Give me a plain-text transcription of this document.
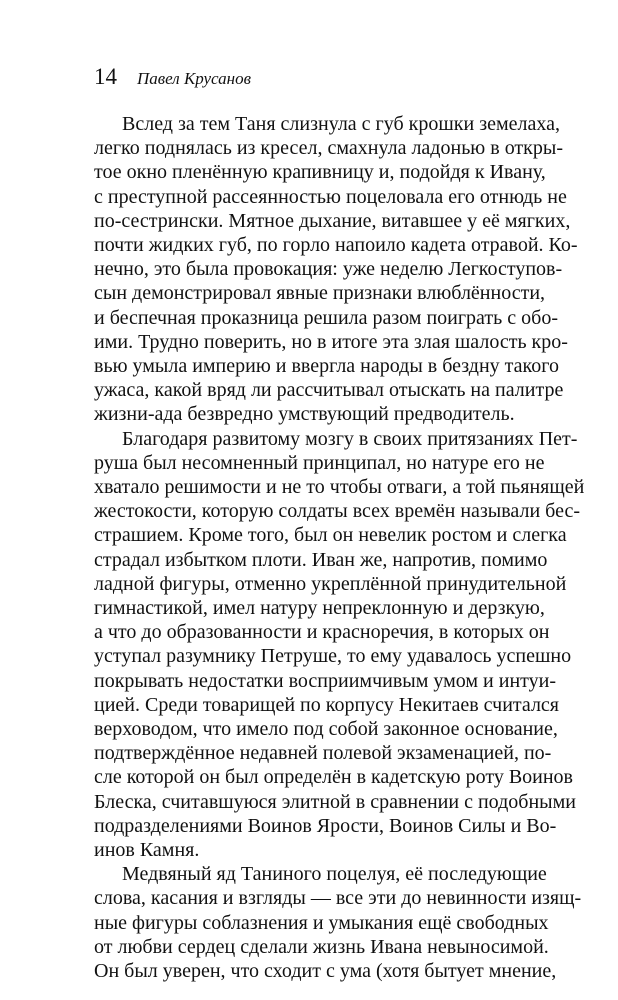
14 Павел Крусанов
Вслед за тем Таня слизнула с губ крошки земелаха,
легко поднялась из кресел, смахнула ладонью в откры-
тое окно пленённую крапивницу и, подойдя к Ивану,
с преступной рассеянностью поцеловала его отнюдь не
по-сестрински. Мятное дыхание, витавшее у её мягких,
почти жидких губ, по горло напоило кадета отравой. Ко-
нечно, это была провокация: уже неделю Легкоступов-
сын демонстрировал явные признаки влюблённости,
и беспечная проказница решила разом поиграть с обо-
ими. Трудно поверить, но в итоге эта злая шалость кро-
вью умыла империю и ввергла народы в бездну такого
ужаса, какой вряд ли рассчитывал отыскать на палитре
жизни-ада безвредно умствующий предводитель.
Благодаря развитому мозгу в своих притязаниях Пет-
руша был несомненный принципал, но натуре его не
хватало решимости и не то чтобы отваги, а той пьянящей
жестокости, которую солдаты всех времён называли бес-
страшием. Кроме того, был он невелик ростом и слегка
страдал избытком плоти. Иван же, напротив, помимо
ладной фигуры, отменно укреплённой принудительной
гимнастикой, имел натуру непреклонную и дерзкую,
а что до образованности и красноречия, в которых он
уступал разумнику Петруше, то ему удавалось успешно
покрывать недостатки восприимчивым умом и интуи-
цией. Среди товарищей по корпусу Некитаев считался
верховодом, что имело под собой законное основание,
подтверждённое недавней полевой экзаменацией, по-
сле которой он был определён в кадетскую роту Воинов
Блеска, считавшуюся элитной в сравнении с подобными
подразделениями Воинов Ярости, Воинов Силы и Во-
инов Камня.
Медвяный яд Таниного поцелуя, её последующие
слова, касания и взгляды — все эти до невинности изящ-
ные фигуры соблазнения и умыкания ещё свободных
от любви сердец сделали жизнь Ивана невыносимой.
Он был уверен, что сходит с ума (хотя бытует мнение,
